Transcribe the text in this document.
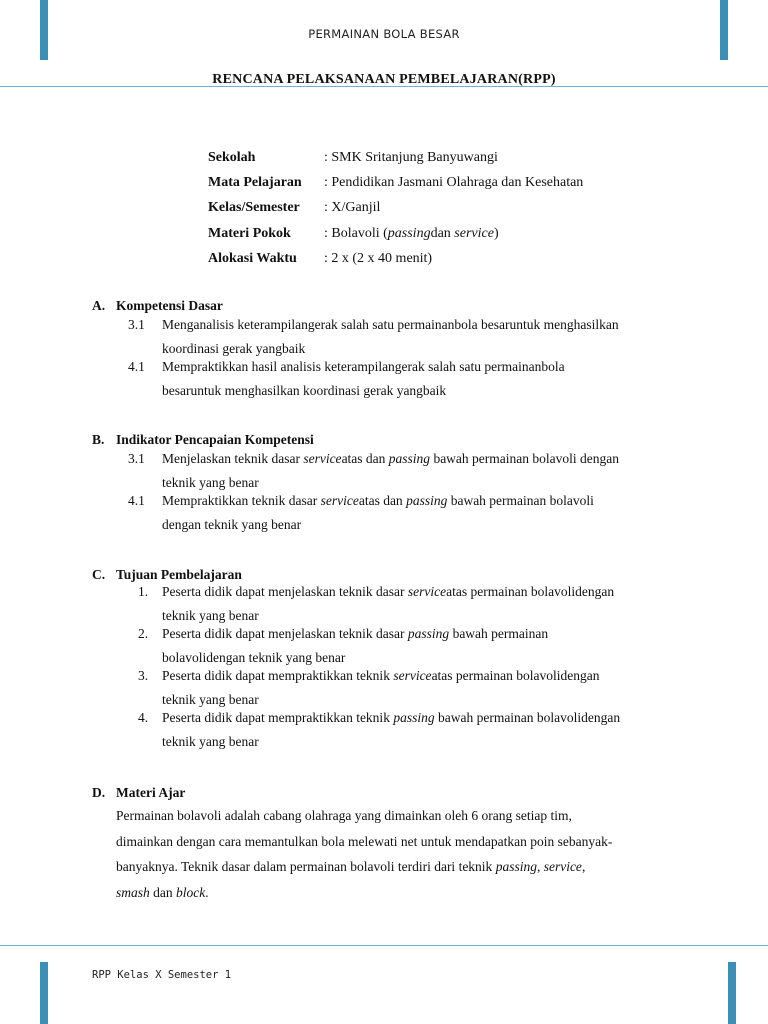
PERMAINAN BOLA BESAR
RENCANA PELAKSANAAN PEMBELAJARAN(RPP)
Sekolah	: SMK Sritanjung Banyuwangi
Mata Pelajaran	: Pendidikan Jasmani Olahraga dan Kesehatan
Kelas/Semester	: X/Ganjil
Materi Pokok	: Bolavoli (passingdan service)
Alokasi Waktu	: 2 x (2 x 40 menit)
A. Kompetensi Dasar
3.1 Menganalisis keterampilangerak salah satu permainanbola besaruntuk menghasilkan
koordinasi gerak yangbaik
4.1 Mempraktikkan hasil analisis keterampilangerak salah satu permainanbola
besaruntuk menghasilkan koordinasi gerak yangbaik
B. Indikator Pencapaian Kompetensi
3.1 Menjelaskan teknik dasar serviceatas dan passing bawah permainan bolavoli dengan
teknik yang benar
4.1 Mempraktikkan teknik dasar serviceatas dan passing bawah permainan bolavoli
dengan teknik yang benar
C. Tujuan Pembelajaran
1. Peserta didik dapat menjelaskan teknik dasar serviceatas permainan bolavolidengan
teknik yang benar
2. Peserta didik dapat menjelaskan teknik dasar passing bawah permainan
bolavolidengan teknik yang benar
3. Peserta didik dapat mempraktikkan teknik serviceatas permainan bolavolidengan
teknik yang benar
4. Peserta didik dapat mempraktikkan teknik passing bawah permainan bolavolidengan
teknik yang benar
D. Materi Ajar
Permainan bolavoli adalah cabang olahraga yang dimainkan oleh 6 orang setiap tim,
dimainkan dengan cara memantulkan bola melewati net untuk mendapatkan poin sebanyak-
banyaknya. Teknik dasar dalam permainan bolavoli terdiri dari teknik passing, service,
smash dan block.
RPP Kelas X Semester 1
